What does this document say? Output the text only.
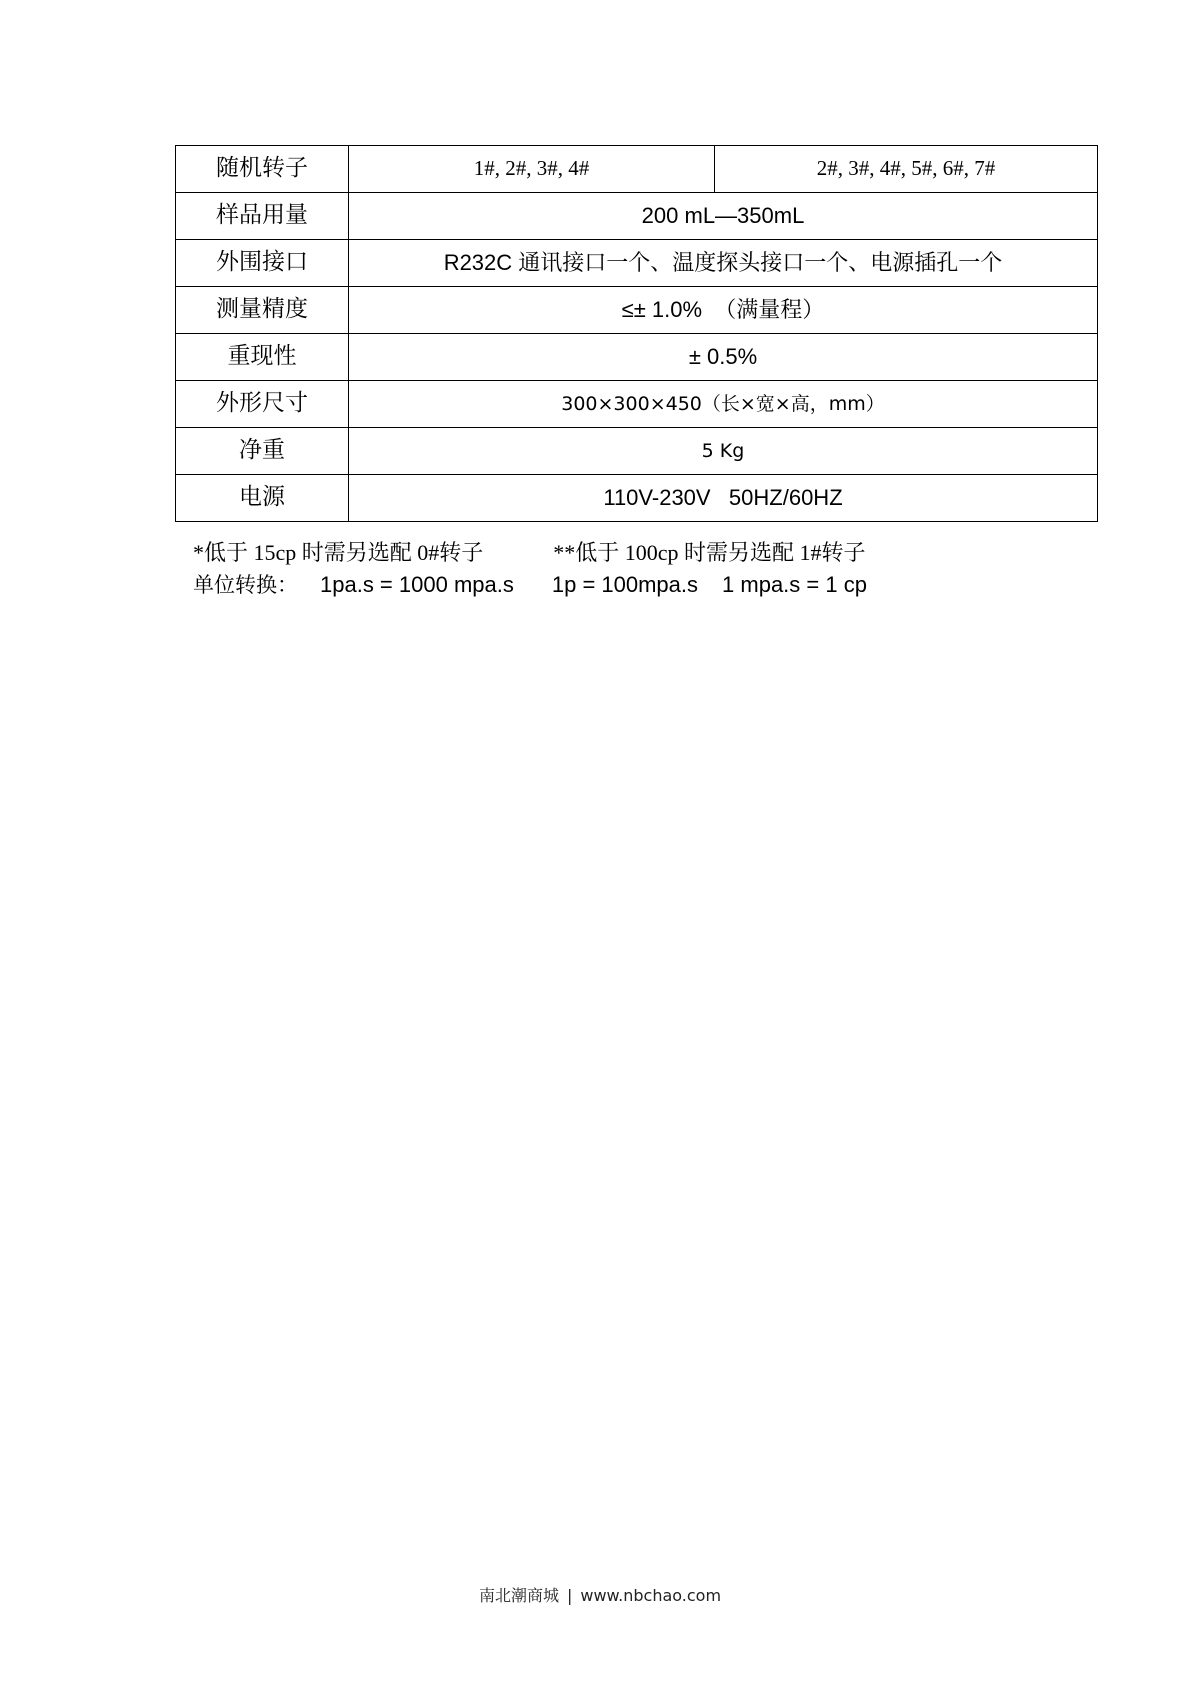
随机转子	1#, 2#, 3#, 4#	2#, 3#, 4#, 5#, 6#, 7#
样品用量	200 mL—350mL	
外围接口	R232C 通讯接口一个、温度探头接口一个、电源插孔一个	
测量精度	≤± 1.0%  （满量程）	
重现性	± 0.5%	
外形尺寸	300×300×450（长×宽×高，mm）	
净重	5 Kg	
电源	110V-230V   50HZ/60HZ	
*低于 15cp 时需另选配 0#转子	**低于 100cp 时需另选配 1#转子
单位转换： 1pa.s = 1000 mpa.s 1p = 100mpa.s 1 mpa.s = 1 cp
南北潮商城 | www.nbchao.com
